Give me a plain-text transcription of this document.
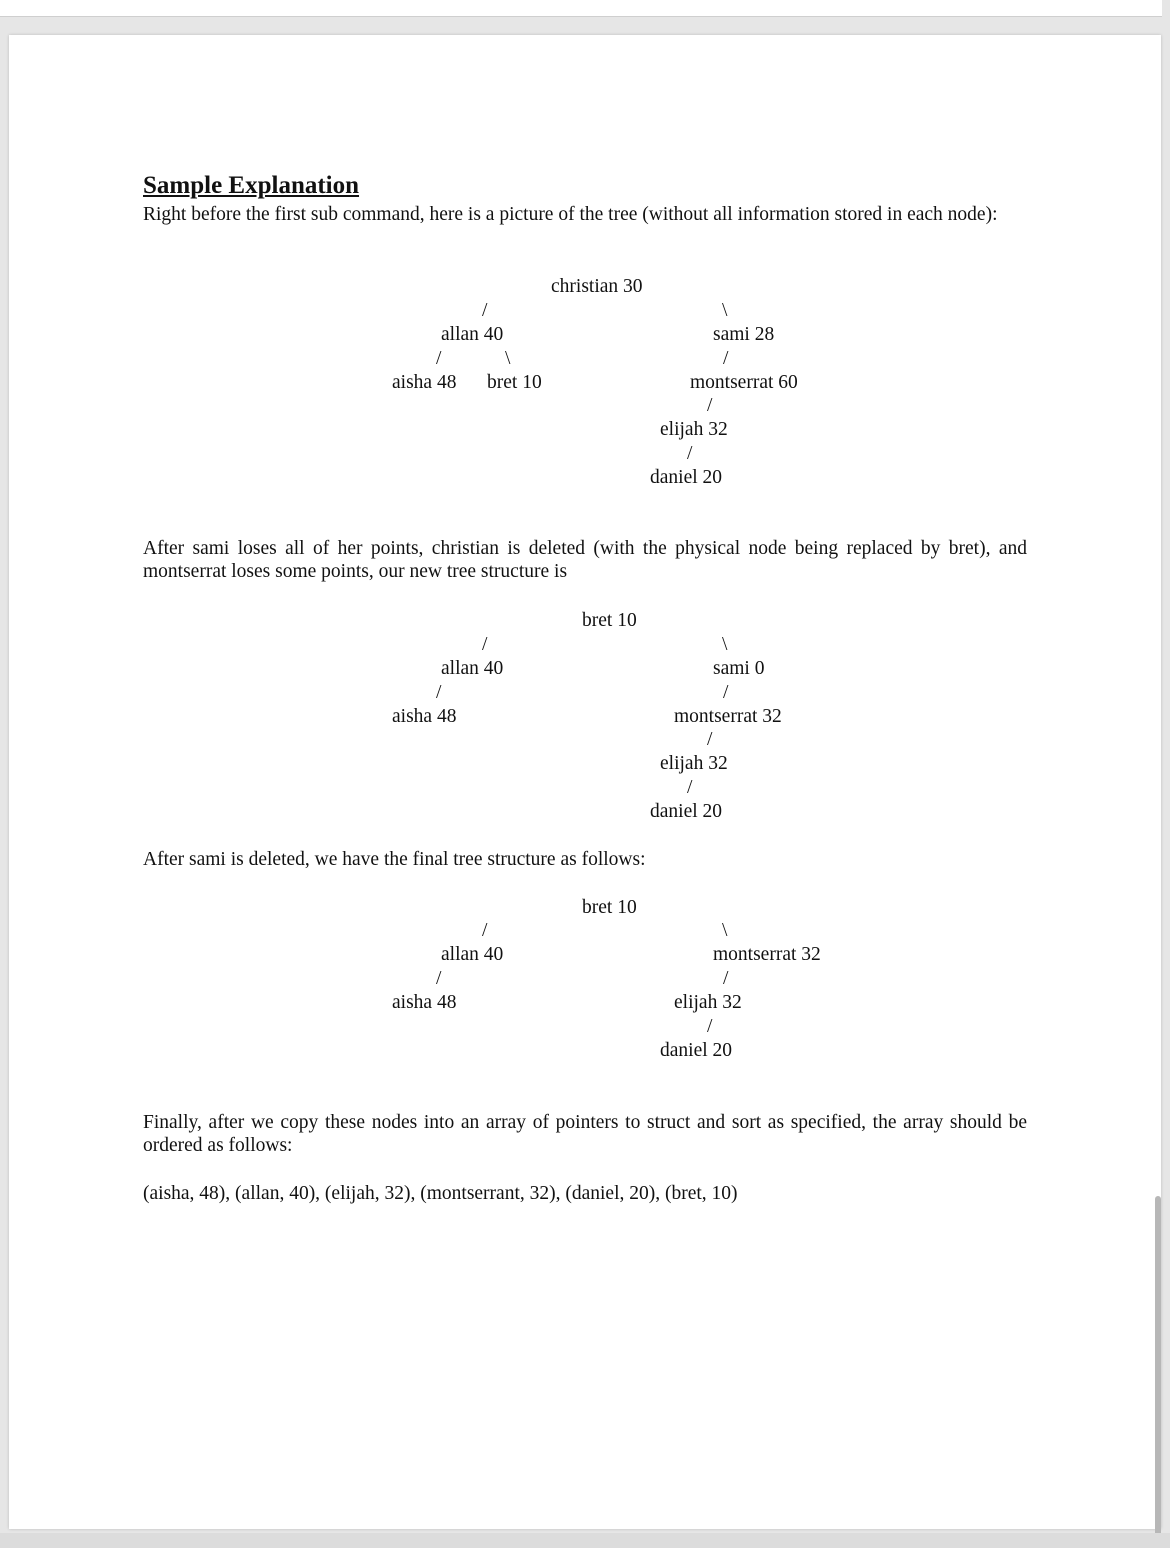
Sample Explanation

Right before the first sub command, here is a picture of the tree (without all information stored in each node):

christian 30
/	\
allan 40	sami 28
/	\	/
aisha 48 bret 10	montserrat 60
/
elijah 32
/
daniel 20

After sami loses all of her points, christian is deleted (with the physical node being replaced by bret), and montserrat loses some points, our new tree structure is

bret 10
/	\
allan 40	sami 0
/	/
aisha 48	montserrat 32
/
elijah 32
/
daniel 20

After sami is deleted, we have the final tree structure as follows:

bret 10
/	\
allan 40	montserrat 32
/	/
aisha 48	elijah 32
/
daniel 20

Finally, after we copy these nodes into an array of pointers to struct and sort as specified, the array should be ordered as follows:

(aisha, 48), (allan, 40), (elijah, 32), (montserrant, 32), (daniel, 20), (bret, 10)
